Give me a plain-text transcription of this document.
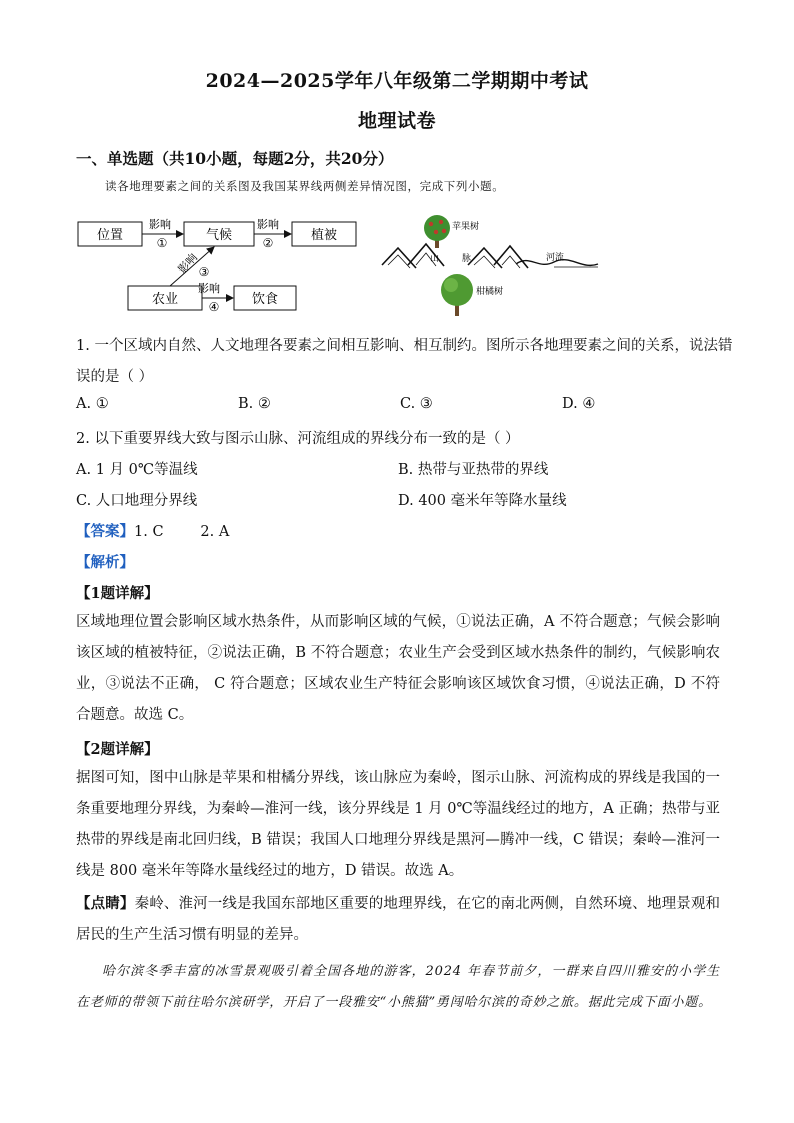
2024—2025学年八年级第二学期期中考试
地理试卷
一、单选题（共10小题，每题2分，共20分）
读各地理要素之间的关系图及我国某界线两侧差异情况图，完成下列小题。
位置	气候	植被
农业	饮食
影响
①
影响
②
影响
③
影响
④
山	脉	河流
苹果树
柑橘树
1. 一个区域内自然、人文地理各要素之间相互影响、相互制约。图所示各地理要素之间的关系，说法错
误的是（ ）
A. ①	B. ②	C. ③	D. ④
2. 以下重要界线大致与图示山脉、河流组成的界线分布一致的是（ ）
A. 1 月 0℃等温线	B. 热带与亚热带的界线
C. 人口地理分界线	D. 400 毫米年等降水量线
【答案】1. C        2. A
【解析】
【1题详解】
区域地理位置会影响区域水热条件，从而影响区域的气候，①说法正确，A 不符合题意；气候会影响该区域的植被特征，②说法正确，B 不符合题意；农业生产会受到区域水热条件的制约，气候影响农业，③说法不正确， C 符合题意；区域农业生产特征会影响该区域饮食习惯，④说法正确，D 不符合题意。故选 C。
【2题详解】
据图可知，图中山脉是苹果和柑橘分界线，该山脉应为秦岭，图示山脉、河流构成的界线是我国的一条重要地理分界线，为秦岭—淮河一线，该分界线是 1 月 0℃等温线经过的地方，A 正确；热带与亚热带的界线是南北回归线，B 错误；我国人口地理分界线是黑河—腾冲一线，C 错误；秦岭—淮河一线是 800 毫米年等降水量线经过的地方，D 错误。故选 A。
【点睛】秦岭、淮河一线是我国东部地区重要的地理界线，在它的南北两侧，自然环境、地理景观和居民的生产生活习惯有明显的差异。
哈尔滨冬季丰富的冰雪景观吸引着全国各地的游客，2024 年春节前夕，一群来自四川雅安的小学生在老师的带领下前往哈尔滨研学，开启了一段雅安“小熊猫”勇闯哈尔滨的奇妙之旅。据此完成下面小题。
